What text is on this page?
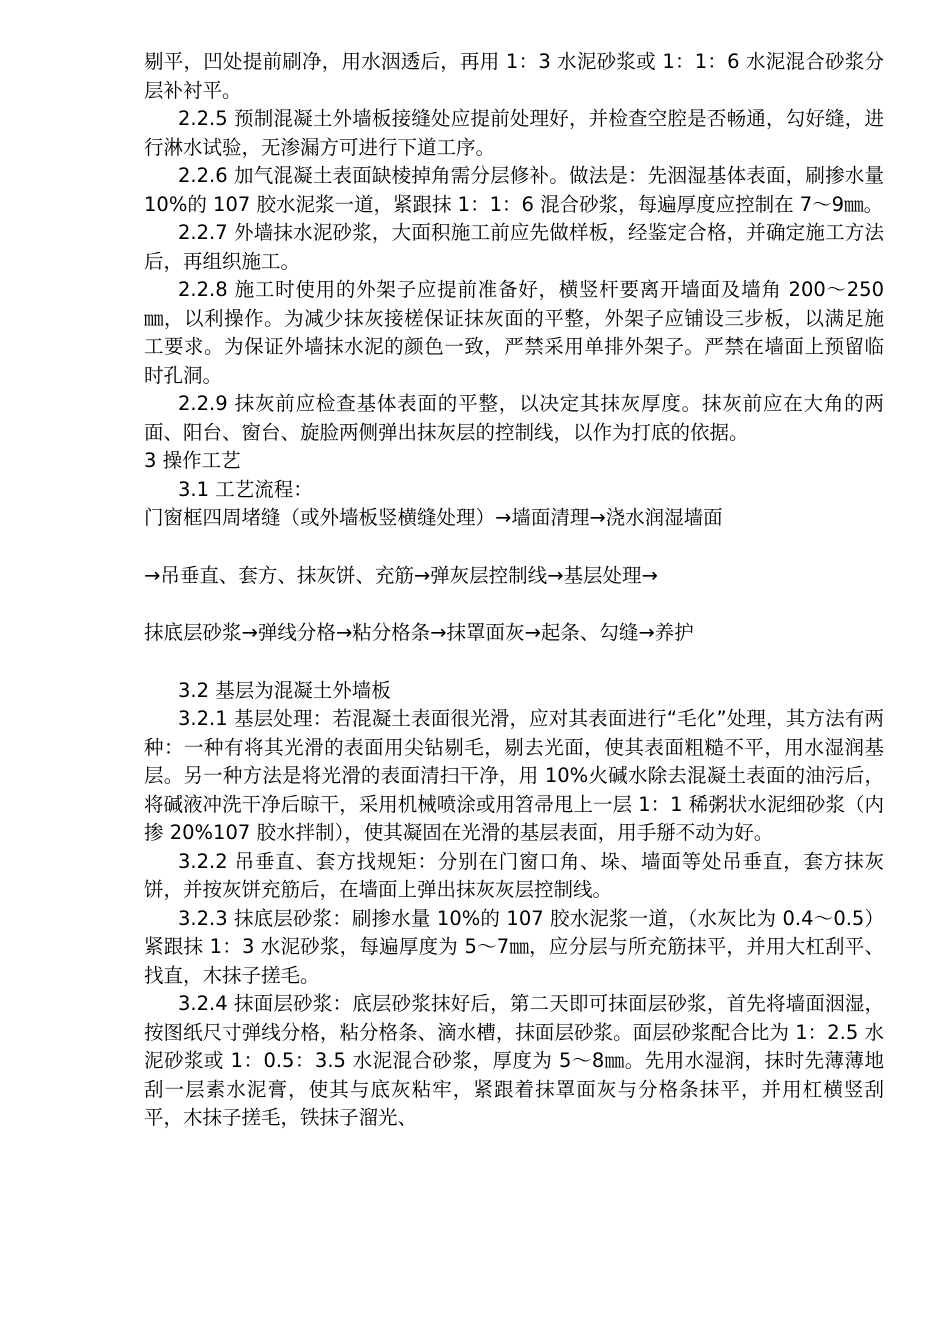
剔平，凹处提前刷净，用水洇透后，再用 1：3 水泥砂浆或 1：1：6 水泥混合砂浆分层补衬平。

2.2.5 预制混凝土外墙板接缝处应提前处理好，并检查空腔是否畅通，勾好缝，进行淋水试验，无渗漏方可进行下道工序。

2.2.6 加气混凝土表面缺棱掉角需分层修补。做法是：先洇湿基体表面，刷掺水量 10%的 107 胶水泥浆一道，紧跟抹 1：1：6 混合砂浆，每遍厚度应控制在 7～9㎜。

2.2.7 外墙抹水泥砂浆，大面积施工前应先做样板，经鉴定合格，并确定施工方法后，再组织施工。

2.2.8 施工时使用的外架子应提前准备好，横竖杆要离开墙面及墙角 200～250㎜，以利操作。为减少抹灰接槎保证抹灰面的平整，外架子应铺设三步板，以满足施工要求。为保证外墙抹水泥的颜色一致，严禁采用单排外架子。严禁在墙面上预留临时孔洞。

2.2.9 抹灰前应检查基体表面的平整，以决定其抹灰厚度。抹灰前应在大角的两面、阳台、窗台、旋脸两侧弹出抹灰层的控制线，以作为打底的依据。

3 操作工艺

3.1 工艺流程：

门窗框四周堵缝（或外墙板竖横缝处理）→墙面清理→浇水润湿墙面

→吊垂直、套方、抹灰饼、充筋→弹灰层控制线→基层处理→

抹底层砂浆→弹线分格→粘分格条→抹罩面灰→起条、勾缝→养护

3.2 基层为混凝土外墙板

3.2.1 基层处理：若混凝土表面很光滑，应对其表面进行“毛化”处理，其方法有两种：一种有将其光滑的表面用尖钻剔毛，剔去光面，使其表面粗糙不平，用水湿润基层。另一种方法是将光滑的表面清扫干净，用 10%火碱水除去混凝土表面的油污后，将碱液冲洗干净后晾干，采用机械喷涂或用笤帚甩上一层 1：1 稀粥状水泥细砂浆（内掺 20%107 胶水拌制），使其凝固在光滑的基层表面，用手掰不动为好。

3.2.2 吊垂直、套方找规矩：分别在门窗口角、垛、墙面等处吊垂直，套方抹灰饼，并按灰饼充筋后，在墙面上弹出抹灰灰层控制线。

3.2.3 抹底层砂浆：刷掺水量 10%的 107 胶水泥浆一道，（水灰比为 0.4～0.5）紧跟抹 1：3 水泥砂浆，每遍厚度为 5～7㎜，应分层与所充筋抹平，并用大杠刮平、找直，木抹子搓毛。

3.2.4 抹面层砂浆：底层砂浆抹好后，第二天即可抹面层砂浆，首先将墙面洇湿，按图纸尺寸弹线分格，粘分格条、滴水槽，抹面层砂浆。面层砂浆配合比为 1：2.5 水泥砂浆或 1：0.5：3.5 水泥混合砂浆，厚度为 5～8㎜。先用水湿润，抹时先薄薄地刮一层素水泥膏，使其与底灰粘牢，紧跟着抹罩面灰与分格条抹平，并用杠横竖刮平，木抹子搓毛，铁抹子溜光、
